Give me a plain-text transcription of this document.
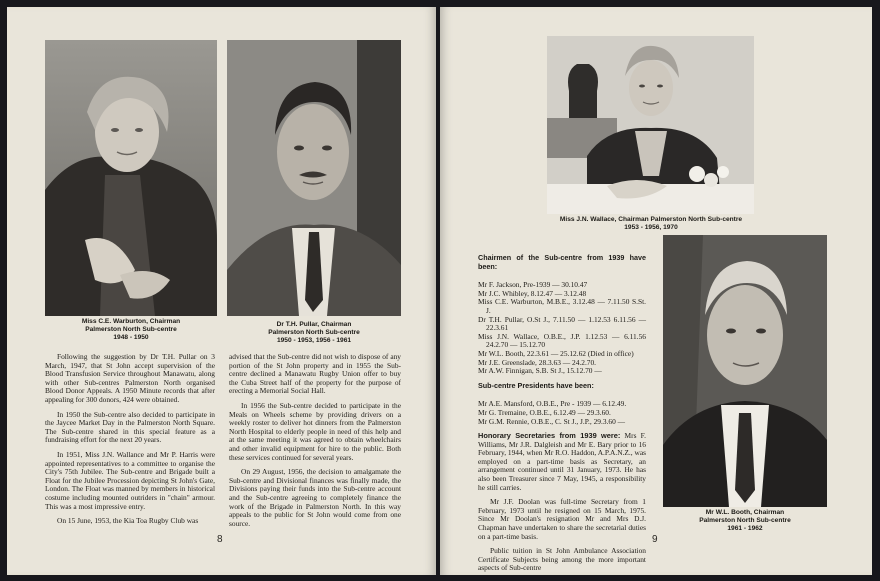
Miss C.E. Warburton, Chairman
Palmerston North Sub-centre
1948 - 1950
Dr T.H. Pullar, Chairman
Palmerston North Sub-centre
1950 - 1953, 1956 - 1961

Following the suggestion by Dr T.H. Pullar on 3 March, 1947, that St John accept supervision of the Blood Transfusion Service throughout Manawatu, along with other Sub-centres Palmerston North organised Blood Donor Appeals. A 1950 Minute records that after appealing for 300 donors, 424 were obtained.

In 1950 the Sub-centre also decided to participate in the Jaycee Market Day in the Palmerston North Square. The Sub-centre shared in this special feature as a fundraising effort for the next 20 years.

In 1951, Miss J.N. Wallance and Mr P. Harris were appointed representatives to a committee to organise the City's 75th Jubilee. The Sub-centre and Brigade built a Float for the Jubilee Procession depicting St John's Gate, London. The Float was manned by members in historical costume including mounted outriders in "chain" armour. This was a most impressive entry.

On 15 June, 1953, the Kia Toa Rugby Club was

advised that the Sub-centre did not wish to dispose of any portion of the St John property and in 1955 the Sub-centre declined a Manawatu Rugby Union offer to buy the Cuba Street half of the property for the purpose of erecting a Memorial Social Hall.

In 1956 the Sub-centre decided to participate in the Meals on Wheels scheme by providing drivers on a weekly roster to deliver hot dinners from the Palmerston North Hospital to elderly people in need of this help and at the same meeting it was agreed to obtain wheelchairs and other invalid equipment for hire to the public. Both these services continued for several years.

On 29 August, 1956, the decision to amalgamate the Sub-centre and Divisional finances was finally made, the Divisions paying their funds into the Sub-centre account and the Sub-centre agreeing to completely finance the work of the Brigade in Palmerston North. In this way appeals to the public for St John would come from one source.

8
Miss J.N. Wallace, Chairman Palmerston North Sub-centre
1953 - 1956, 1970
Chairmen of the Sub-centre from 1939 have been:

Mr F. Jackson, Pre-1939 — 30.10.47

Mr J.C. Whibley, 8.12.47 — 3.12.48

Miss C.E. Warburton, M.B.E., 3.12.48 — 7.11.50 S.St. J.

Dr T.H. Pullar, O.St J., 7.11.50 — 1.12.53 6.11.56 — 22.3.61

Miss J.N. Wallace, O.B.E., J.P. 1.12.53 — 6.11.56 24.2.70 — 15.12.70

Mr W.L. Booth, 22.3.61 — 25.12.62 (Died in office)

Mr J.E. Greenslade, 28.3.63 — 24.2.70.

Mr A.W. Finnigan, S.B. St J., 15.12.70 —

Sub-centre Presidents have been:

Mr A.E. Mansford, O.B.E., Pre - 1939 — 6.12.49.

Mr G. Tremaine, O.B.E., 6.12.49 — 29.3.60.

Mr G.M. Rennie, O.B.E., C. St J., J.P., 29.3.60 —

Honorary Secretaries from 1939 were: Mrs F. Williams, Mr J.R. Dalgleish and Mr E. Bary prior to 16 February, 1944, when Mr R.O. Haddon, A.P.A.N.Z., was employed on a part-time basis as Secretary, an arrangement continued until 31 January, 1973. He has also been Treasurer since 7 May, 1945, a responsibility he still carries.

Mr J.F. Doolan was full-time Secretary from 1 February, 1973 until he resigned on 15 March, 1975. Since Mr Doolan's resignation Mr and Mrs D.J. Chapman have undertaken to share the secretarial duties on a part-time basis.

Public tuition in St John Ambulance Association Certificate Subjects being among the more important aspects of Sub-centre

Mr W.L. Booth, Chairman
Palmerston North Sub-centre
1961 - 1962
9
